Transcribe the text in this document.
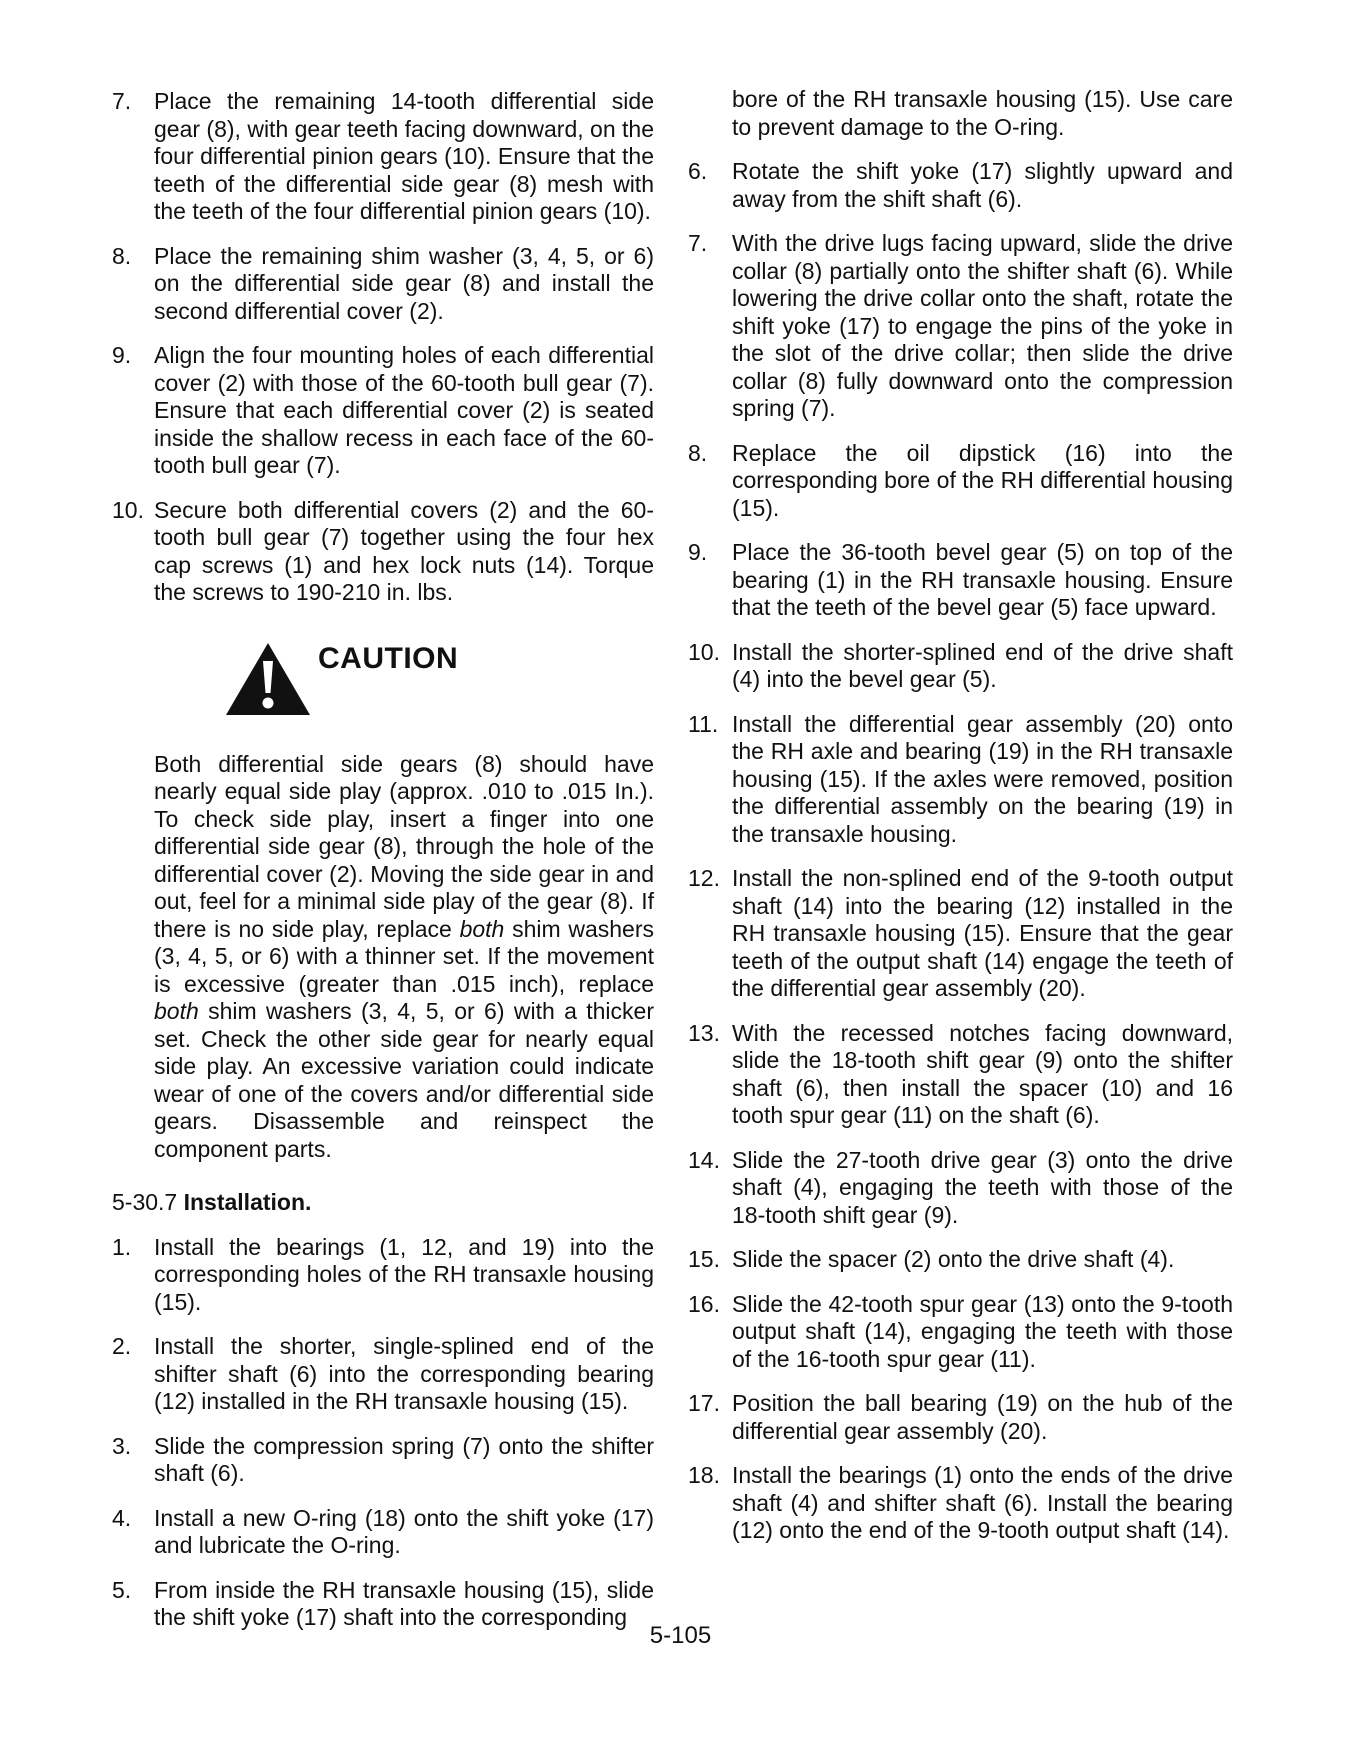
7. Place the remaining 14-tooth differential side gear (8), with gear teeth facing downward, on the four differential pinion gears (10). Ensure that the teeth of the differential side gear (8) mesh with the teeth of the four differential pinion gears (10).
8. Place the remaining shim washer (3, 4, 5, or 6) on the differential side gear (8) and install the second differential cover (2).
9. Align the four mounting holes of each differential cover (2) with those of the 60-tooth bull gear (7). Ensure that each differential cover (2) is seated inside the shallow recess in each face of the 60-tooth bull gear (7).
10. Secure both differential covers (2) and the 60-tooth bull gear (7) together using the four hex cap screws (1) and hex lock nuts (14). Torque the screws to 190-210 in. lbs.
CAUTION
Both differential side gears (8) should have nearly equal side play (approx. .010 to .015 In.). To check side play, insert a finger into one differential side gear (8), through the hole of the differential cover (2). Moving the side gear in and out, feel for a minimal side play of the gear (8). If there is no side play, replace both shim washers (3, 4, 5, or 6) with a thinner set. If the movement is excessive (greater than .015 inch), replace both shim washers (3, 4, 5, or 6) with a thicker set. Check the other side gear for nearly equal side play. An excessive variation could indicate wear of one of the covers and/or differential side gears. Disassemble and reinspect the component parts.
5-30.7 Installation.
1. Install the bearings (1, 12, and 19) into the corresponding holes of the RH transaxle housing (15).
2. Install the shorter, single-splined end of the shifter shaft (6) into the corresponding bearing (12) installed in the RH transaxle housing (15).
3. Slide the compression spring (7) onto the shifter shaft (6).
4. Install a new O-ring (18) onto the shift yoke (17) and lubricate the O-ring.
5. From inside the RH transaxle housing (15), slide the shift yoke (17) shaft into the corresponding
bore of the RH transaxle housing (15). Use care to prevent damage to the O-ring.
6.	Rotate the shift yoke (17) slightly upward and away from the shift shaft (6).
7.	With the drive lugs facing upward, slide the drive collar (8) partially onto the shifter shaft (6). While lowering the drive collar onto the shaft, rotate the shift yoke (17) to engage the pins of the yoke in the slot of the drive collar; then slide the drive collar (8) fully downward onto the compression spring (7).
8.	Replace the oil dipstick (16) into the corresponding bore of the RH differential housing (15).
9.	Place the 36-tooth bevel gear (5) on top of the bearing (1) in the RH transaxle housing. Ensure that the teeth of the bevel gear (5) face upward.
10. Install the shorter-splined end of the drive shaft (4) into the bevel gear (5).
11. Install the differential gear assembly (20) onto the RH axle and bearing (19) in the RH transaxle housing (15). If the axles were removed, position the differential assembly on the bearing (19) in the transaxle housing.
12. Install the non-splined end of the 9-tooth output shaft (14) into the bearing (12) installed in the RH transaxle housing (15). Ensure that the gear teeth of the output shaft (14) engage the teeth of the differential gear assembly (20).
13. With the recessed notches facing downward, slide the 18-tooth shift gear (9) onto the shifter shaft (6), then install the spacer (10) and 16 tooth spur gear (11) on the shaft (6).
14. Slide the 27-tooth drive gear (3) onto the drive shaft (4), engaging the teeth with those of the 18-tooth shift gear (9).
15. Slide the spacer (2) onto the drive shaft (4).
16. Slide the 42-tooth spur gear (13) onto the 9-tooth output shaft (14), engaging the teeth with those of the 16-tooth spur gear (11).
17. Position the ball bearing (19) on the hub of the differential gear assembly (20).
18. Install the bearings (1) onto the ends of the drive shaft (4) and shifter shaft (6). Install the bearing (12) onto the end of the 9-tooth output shaft (14).
5-105
